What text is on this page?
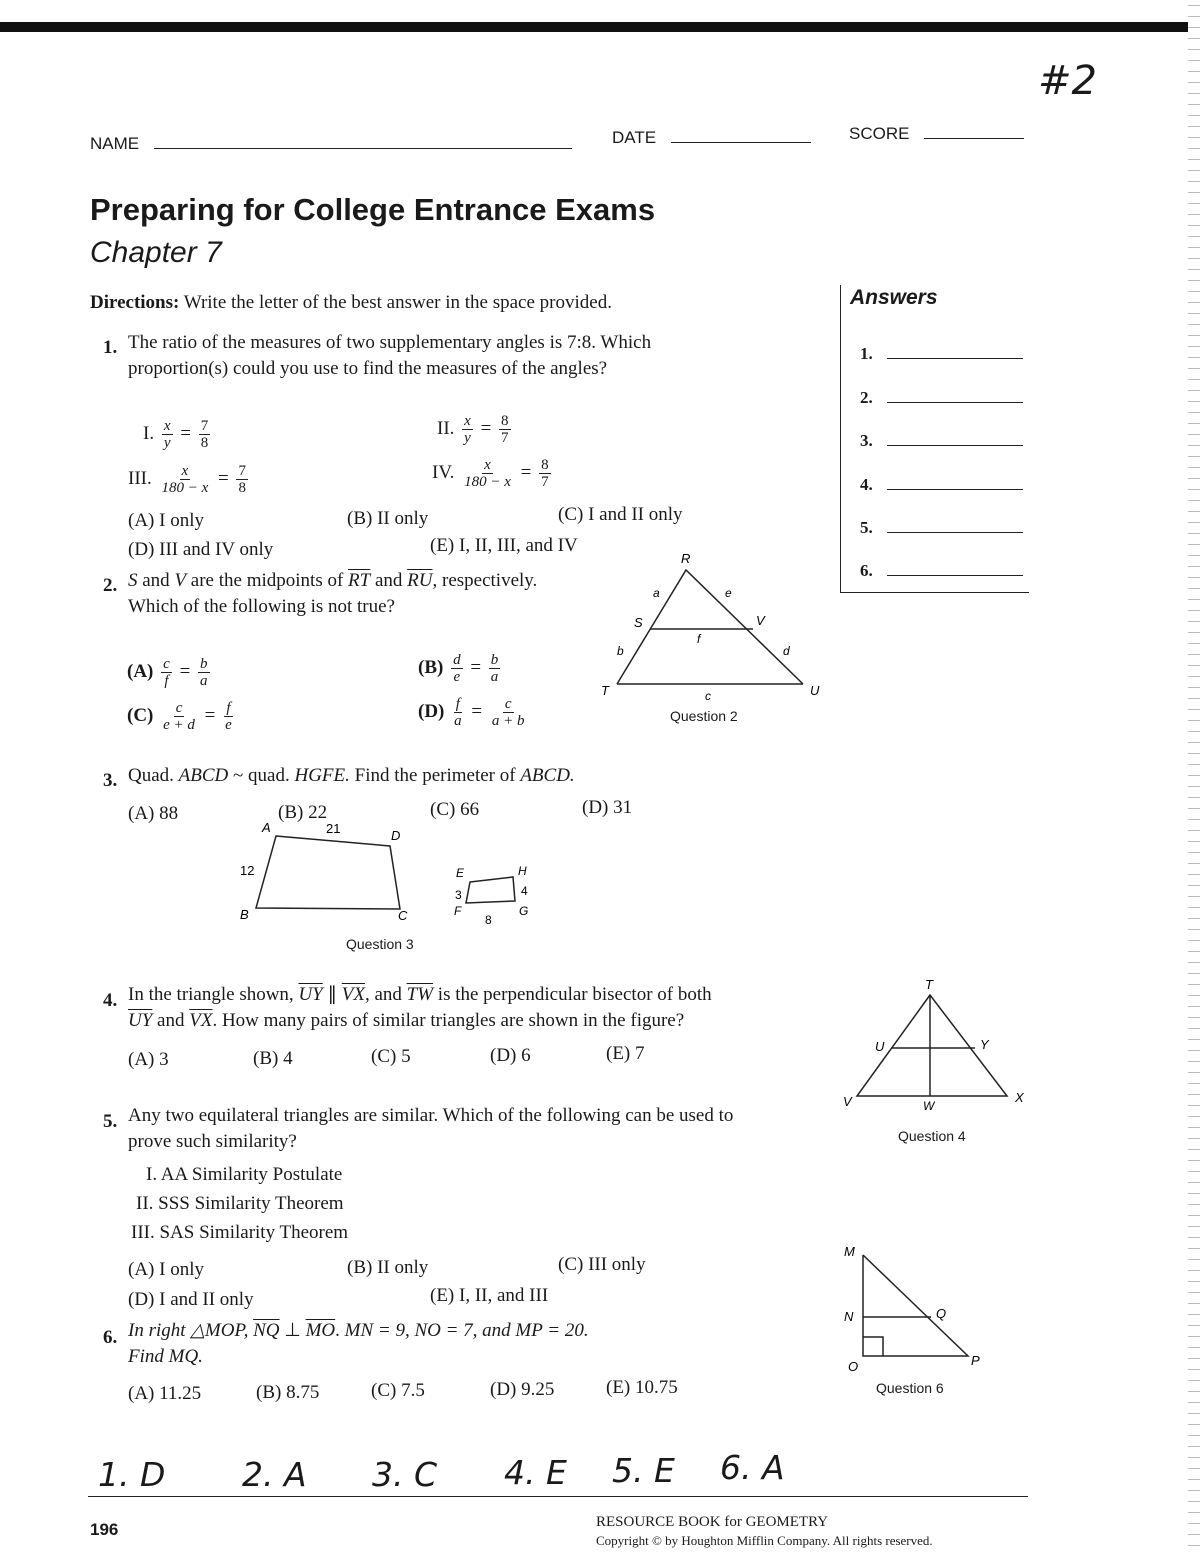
#2
NAME	DATE	SCORE
Preparing for College Entrance Exams
Chapter 7
Directions: Write the letter of the best answer in the space provided.	Answers
1.
2.
3.
4.
5.
6.
1. The ratio of the measures of two supplementary angles is 7:8. Which proportion(s) could you use to find the measures of the angles?
I. $\frac{x}{y} = \frac{7}{8}$	II. $\frac{x}{y} = \frac{8}{7}$
III. $\frac{x}{180 - x} = \frac{7}{8}$	IV. $\frac{x}{180 - x} = \frac{8}{7}$
(A) I only	(B) II only	(C) I and II only
(D) III and IV only	(E) I, II, III, and IV
2. S and V are the midpoints of $\overline{RT}$ and $\overline{RU}$, respectively. Which of the following is not true?
$(A) \frac{c}{f} = \frac{b}{a}$	$(B) \frac{d}{e} = \frac{b}{a}$
$(C) \frac{c}{e + d} = \frac{f}{e}$	$(D) \frac{f}{a} = \frac{c}{a + b}$
R
S	V
T	U
a	e
b	d
f
c
Question 2
3. Quad. ABCD ~ quad. HGFE. Find the perimeter of ABCD.
(A) 88	(B) 22	(C) 66	(D) 31
A	21	D
12
B	C
E	H
3	4
F
8
G
Question 3
4. In the triangle shown, $\overline{UY}$ ∥ $\overline{VX}$, and $\overline{TW}$ is the perpendicular bisector of both $\overline{UY}$ and $\overline{VX}$. How many pairs of similar triangles are shown in the figure?
(A) 3	(B) 4	(C) 5	(D) 6	(E) 7
T
U	Y
V	W
X
Question 4
5. Any two equilateral triangles are similar. Which of the following can be used to prove such similarity?
I. AA Similarity Postulate
II. SSS Similarity Theorem
III. SAS Similarity Theorem
(A) I only	(B) II only	(C) III only
(D) I and II only	(E) I, II, and III
6. In right △MOP, $\overline{NQ}$ ⊥ $\overline{MO}$. MN = 9, NO = 7, and MP = 20.
Find MQ.
(A) 11.25	(B) 8.75	(C) 7.5	(D) 9.25	(E) 10.75
M
N	Q
O	P
Question 6
1. D 2. A 3. C 4. E 5. E 6. A
196	RESOURCE BOOK for GEOMETRY
Copyright © by Houghton Mifflin Company. All rights reserved.
